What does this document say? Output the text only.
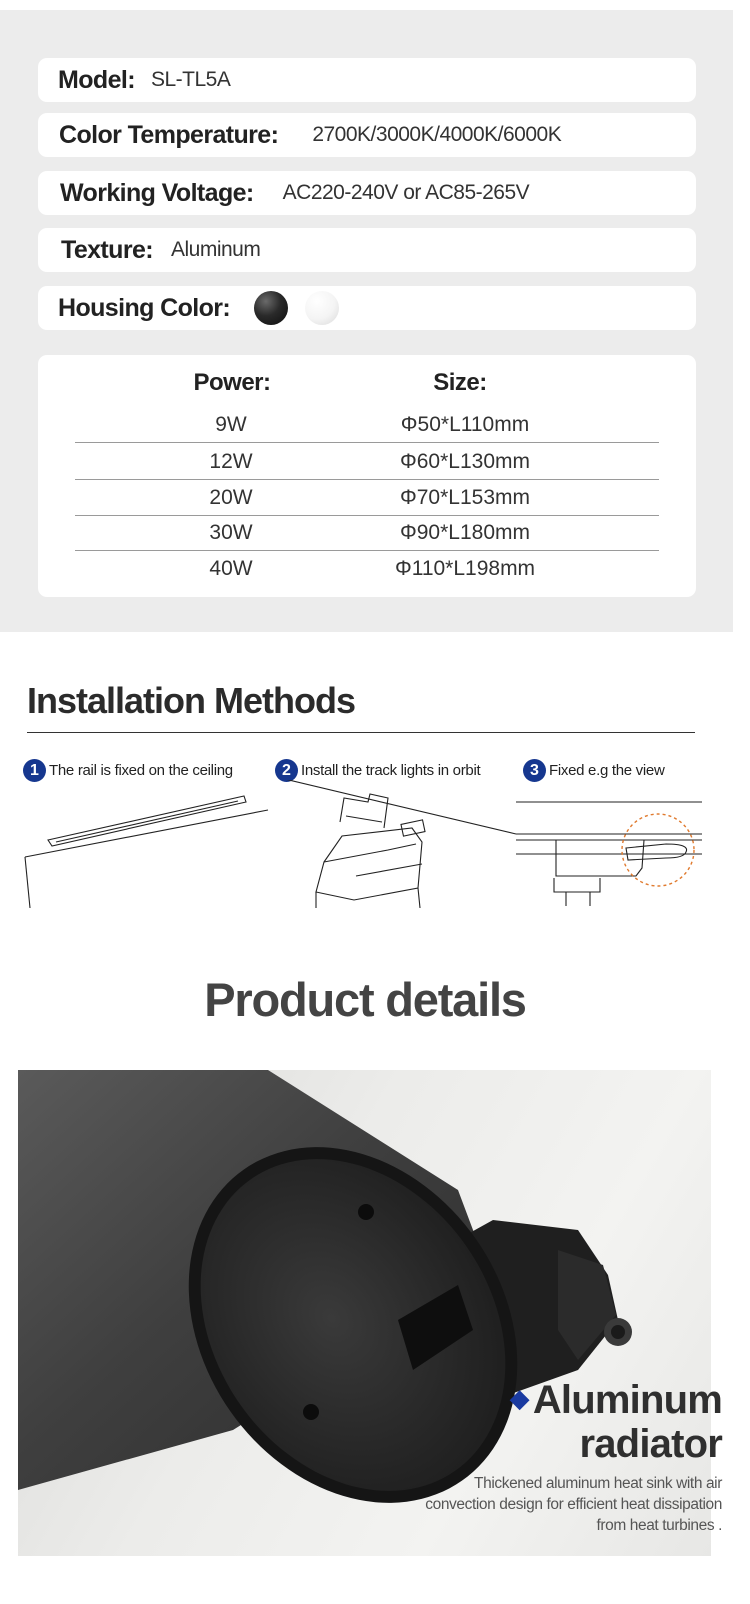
Model: SL-TL5A
Color Temperature: 2700K/3000K/4000K/6000K
Working Voltage: AC220-240V or AC85-265V
Texture: Aluminum
Housing Color:
Power:	Size:
9W	Φ50*L110mm
12W	Φ60*L130mm
20W	Φ70*L153mm
30W	Φ90*L180mm
40W	Φ110*L198mm
Installation Methods
1 The rail is fixed on the ceiling	2 Install the track lights in orbit	3 Fixed e.g the view
Product details
◆ Aluminum
radiator

Thickened aluminum heat sink with air convection design for efficient heat dissipation from heat turbines .
